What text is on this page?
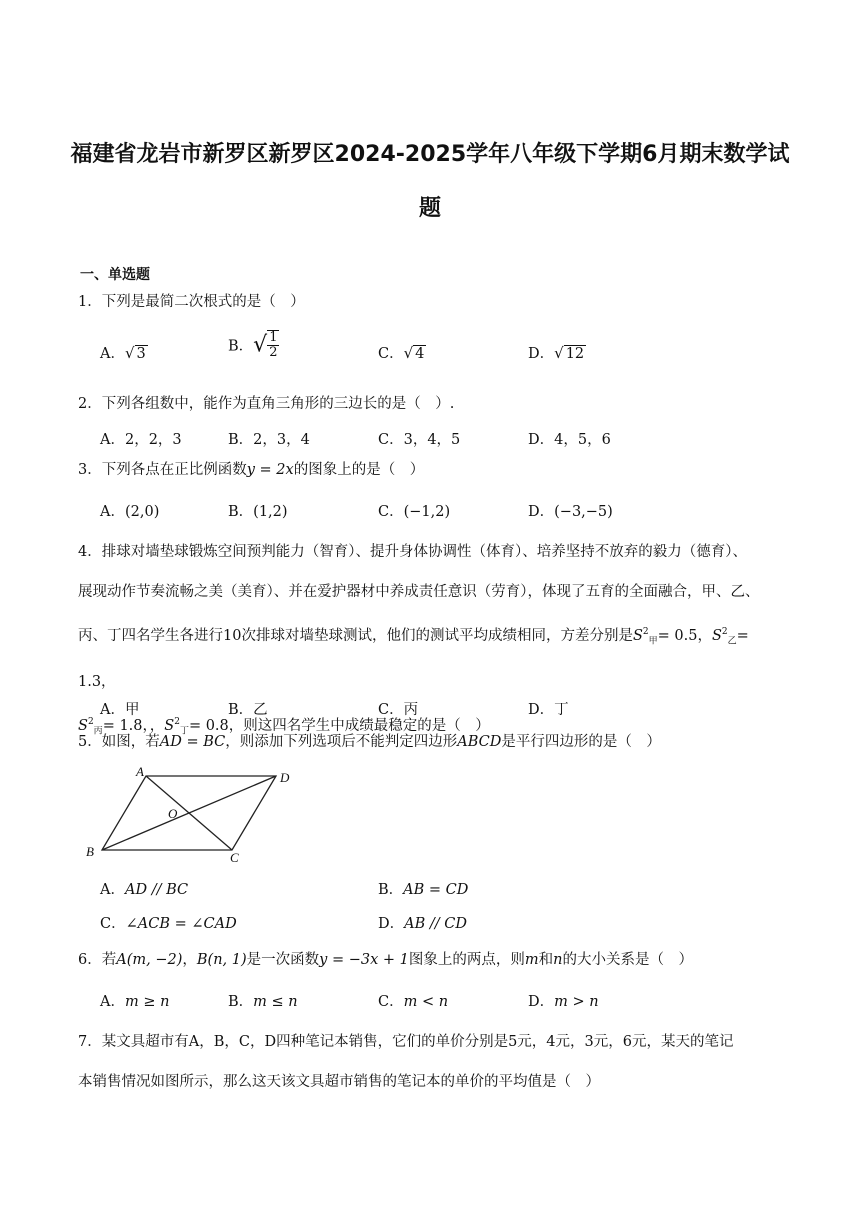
福建省龙岩市新罗区新罗区2024-2025学年八年级下学期6月期末数学试
题
一、单选题
1．下列是最简二次根式的是（　）
A．√ 3	B．√ $\frac{1}{2}$	C．√ 4	D．√ 12
2．下列各组数中，能作为直角三角形的三边长的是（　）.
A．2，2，3	B．2，3，4	C．3，4，5	D．4，5，6
3．下列各点在正比例函数y = 2x的图象上的是（　）
A．(2,0)	B．(1,2)	C．(−1,2)	D．(−3,−5)
4．排球对墙垫球锻炼空间预判能力（智育）、提升身体协调性（体育）、培养坚持不放弃的毅力（德育）、
展现动作节奏流畅之美（美育）、并在爱护器材中养成责任意识（劳育），体现了五育的全面融合，甲、乙、
丙、丁四名学生各进行10次排球对墙垫球测试，他们的测试平均成绩相同，方差分别是$S^2_甲= 0.5$，$S^2_乙= 1.3$，
$S^2_丙= 1.8$，，$S^2_丁= 0.8$，则这四名学生中成绩最稳定的是（　）
A．甲	B．乙	C．丙	D．丁
5．如图，若AD = BC，则添加下列选项后不能判定四边形ABCD是平行四边形的是（　）
A	D
B	C
O
A．AD // BC	B．AB = CD
C．∠ACB = ∠CAD	D．AB // CD
6．若A(m, −2)，B(n, 1)是一次函数y = −3x + 1图象上的两点，则m和n的大小关系是（　）
A．m ≥ n	B．m ≤ n	C．m < n	D．m > n
7．某文具超市有A，B，C，D四种笔记本销售，它们的单价分别是5元，4元，3元，6元，某天的笔记
本销售情况如图所示，那么这天该文具超市销售的笔记本的单价的平均值是（　）
